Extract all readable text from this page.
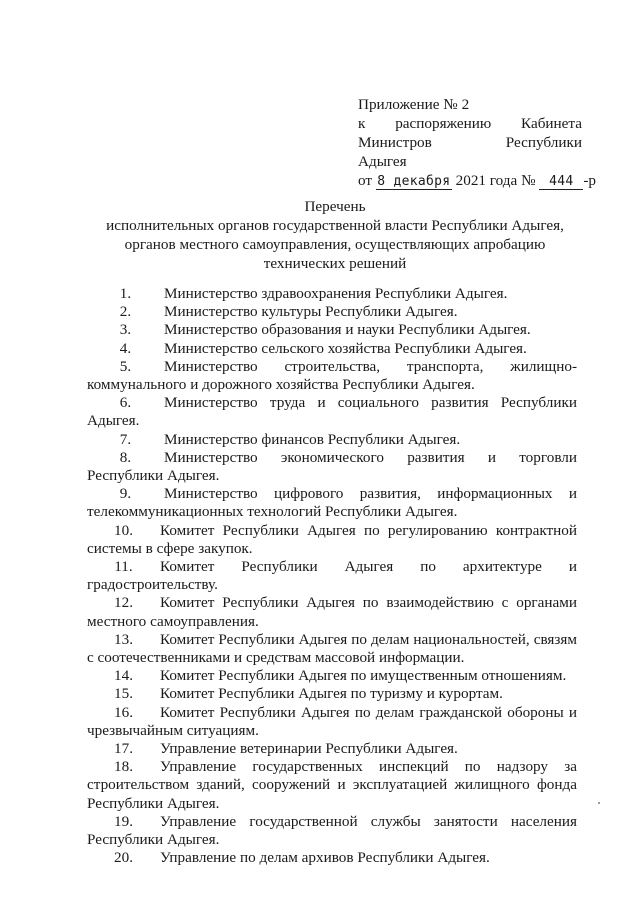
Приложение № 2
к распоряжению Кабинета
Министров	Республики
Адыгея
от 8 декабря 2021 года № 444 -р
Перечень
исполнительных органов государственной власти Республики Адыгея,
органов местного самоуправления, осуществляющих апробацию
технических решений

1 . Министерство здравоохранения Республики Адыгея.

2 . Министерство культуры Республики Адыгея.

3 . Министерство образования и науки Республики Адыгея.

4 . Министерство сельского хозяйства Республики Адыгея.

5 . Министерство строительства, транспорта, жилищно-коммунального и дорожного хозяйства Республики Адыгея.

6 . Министерство труда и социального развития Республики Адыгея.

7 . Министерство финансов Республики Адыгея.

8 . Министерство экономического развития и торговли Республики Адыгея.

9 . Министерство цифрового развития, информационных и телекоммуникационных технологий Республики Адыгея.

10 . Комитет Республики Адыгея по регулированию контрактной системы в сфере закупок.

11 . Комитет Республики Адыгея по архитектуре и градостроительству.

12 . Комитет Республики Адыгея по взаимодействию с органами местного самоуправления.

13 . Комитет Республики Адыгея по делам национальностей, связям с соотечественниками и средствам массовой информации.

14 . Комитет Республики Адыгея по имущественным отношениям.

15 . Комитет Республики Адыгея по туризму и курортам.

16 . Комитет Республики Адыгея по делам гражданской обороны и чрезвычайным ситуациям.

17 . Управление ветеринарии Республики Адыгея.

18 . Управление государственных инспекций по надзору за строительством зданий, сооружений и эксплуатацией жилищного фонда Республики Адыгея.

19 . Управление государственной службы занятости населения Республики Адыгея.

20 . Управление по делам архивов Республики Адыгея.
